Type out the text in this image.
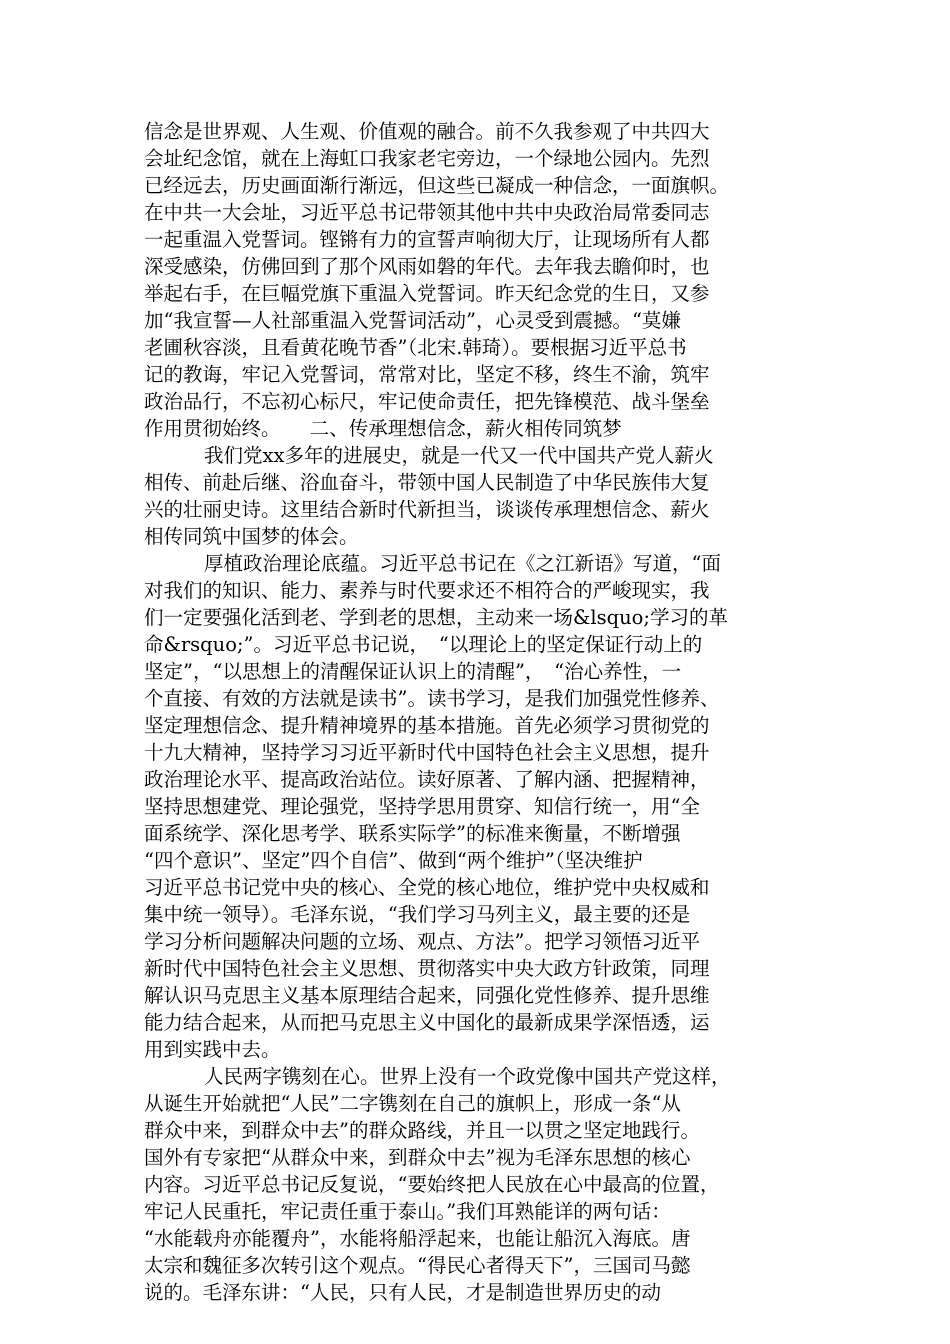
信念是世界观、人生观、价值观的融合。前不久我参观了中共四大
会址纪念馆，就在上海虹口我家老宅旁边，一个绿地公园内。先烈
已经远去，历史画面渐行渐远，但这些已凝成一种信念，一面旗帜。
在中共一大会址，习近平总书记带领其他中共中央政治局常委同志
一起重温入党誓词。铿锵有力的宣誓声响彻大厅，让现场所有人都
深受感染，仿佛回到了那个风雨如磐的年代。去年我去瞻仰时，也
举起右手，在巨幅党旗下重温入党誓词。昨天纪念党的生日，又参
加“我宣誓—人社部重温入党誓词活动”，心灵受到震撼。“莫嫌
老圃秋容淡，且看黄花晚节香”（北宋.韩琦）。要根据习近平总书
记的教诲，牢记入党誓词，常常对比，坚定不移，终生不渝，筑牢
政治品行，不忘初心标尺，牢记使命责任，把先锋模范、战斗堡垒
作用贯彻始终。　　二、传承理想信念，薪火相传同筑梦
我们党xx多年的进展史，就是一代又一代中国共产党人薪火
相传、前赴后继、浴血奋斗，带领中国人民制造了中华民族伟大复
兴的壮丽史诗。这里结合新时代新担当，谈谈传承理想信念、薪火
相传同筑中国梦的体会。
厚植政治理论底蕴。习近平总书记在《之江新语》写道，“面
对我们的知识、能力、素养与时代要求还不相符合的严峻现实，我
们一定要强化活到老、学到老的思想，主动来一场&lsquo;学习的革
命&rsquo;”。习近平总书记说，　“以理论上的坚定保证行动上的
坚定”，“以思想上的清醒保证认识上的清醒”，　“治心养性，一
个直接、有效的方法就是读书”。读书学习，是我们加强党性修养、
坚定理想信念、提升精神境界的基本措施。首先必须学习贯彻党的
十九大精神，坚持学习习近平新时代中国特色社会主义思想，提升
政治理论水平、提高政治站位。读好原著、了解内涵、把握精神，
坚持思想建党、理论强党，坚持学思用贯穿、知信行统一，用“全
面系统学、深化思考学、联系实际学”的标准来衡量，不断增强
“四个意识”、坚定”四个自信”、做到“两个维护”（坚决维护
习近平总书记党中央的核心、全党的核心地位，维护党中央权威和
集中统一领导）。毛泽东说，“我们学习马列主义，最主要的还是
学习分析问题解决问题的立场、观点、方法”。把学习领悟习近平
新时代中国特色社会主义思想、贯彻落实中央大政方针政策，同理
解认识马克思主义基本原理结合起来，同强化党性修养、提升思维
能力结合起来，从而把马克思主义中国化的最新成果学深悟透，运
用到实践中去。
人民两字镌刻在心。世界上没有一个政党像中国共产党这样，
从诞生开始就把“人民”二字镌刻在自己的旗帜上，形成一条“从
群众中来，到群众中去”的群众路线，并且一以贯之坚定地践行。
国外有专家把“从群众中来，到群众中去”视为毛泽东思想的核心
内容。习近平总书记反复说，“要始终把人民放在心中最高的位置，
牢记人民重托，牢记责任重于泰山。”我们耳熟能详的两句话：
“水能载舟亦能覆舟”，水能将船浮起来，也能让船沉入海底。唐
太宗和魏征多次转引这个观点。“得民心者得天下”，三国司马懿
说的。毛泽东讲：“人民，只有人民，才是制造世界历史的动
